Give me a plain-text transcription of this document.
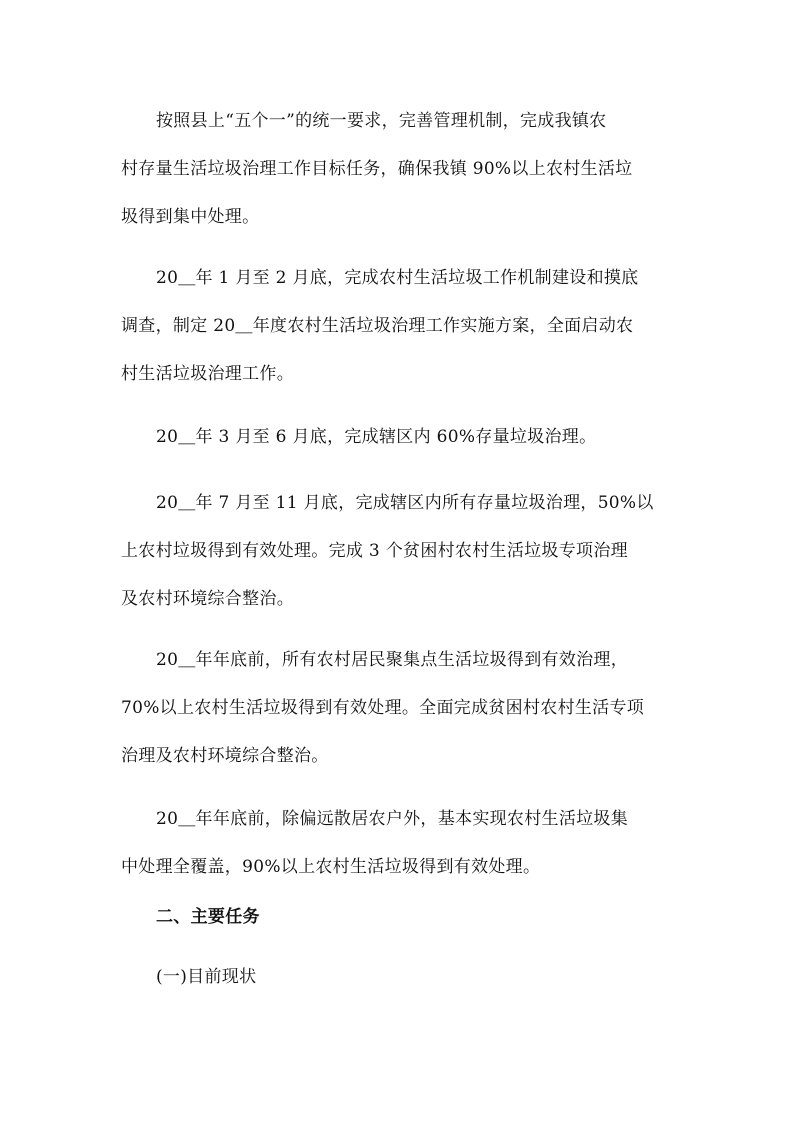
按照县上“五个一”的统一要求，完善管理机制，完成我镇农
村存量生活垃圾治理工作目标任务，确保我镇 90%以上农村生活垃
圾得到集中处理。

20＿年 1 月至 2 月底，完成农村生活垃圾工作机制建设和摸底
调查，制定 20＿年度农村生活垃圾治理工作实施方案，全面启动农
村生活垃圾治理工作。

20＿年 3 月至 6 月底，完成辖区内 60%存量垃圾治理。

20＿年 7 月至 11 月底，完成辖区内所有存量垃圾治理，50%以
上农村垃圾得到有效处理。完成 3 个贫困村农村生活垃圾专项治理
及农村环境综合整治。

20＿年年底前，所有农村居民聚集点生活垃圾得到有效治理，
70%以上农村生活垃圾得到有效处理。全面完成贫困村农村生活专项
治理及农村环境综合整治。

20＿年年底前，除偏远散居农户外，基本实现农村生活垃圾集
中处理全覆盖，90%以上农村生活垃圾得到有效处理。

二、主要任务

(一)目前现状
